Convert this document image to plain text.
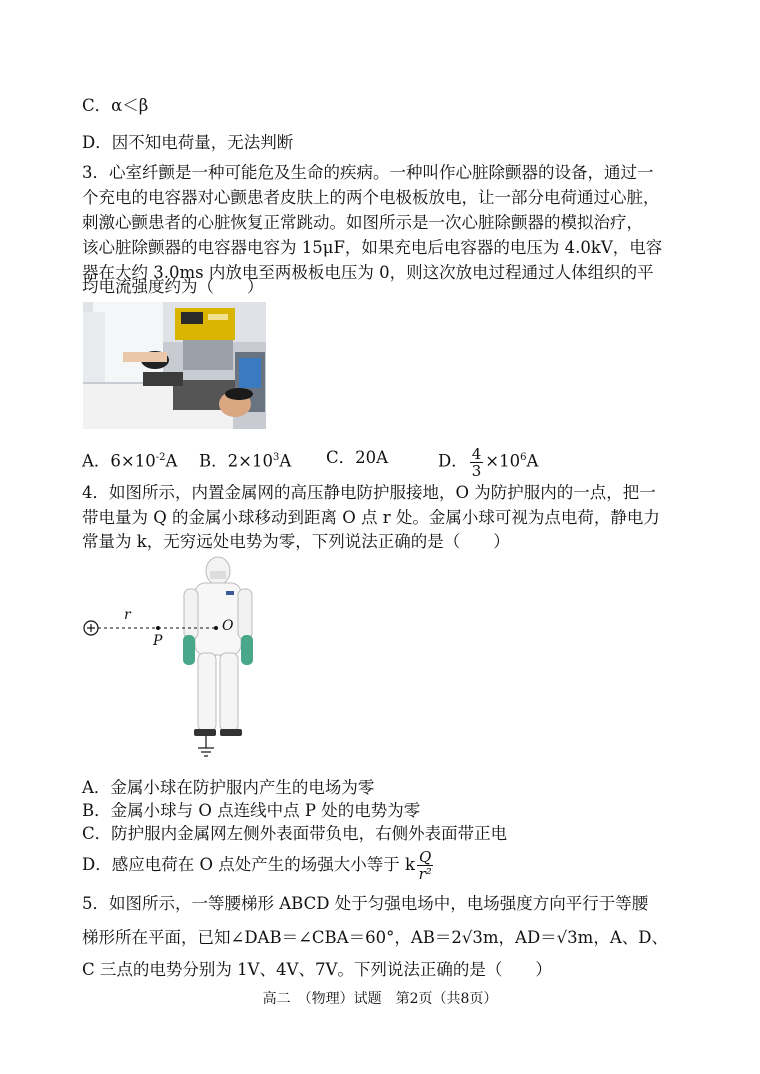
C．α＜β
D．因不知电荷量，无法判断
3．心室纤颤是一种可能危及生命的疾病。一种叫作心脏除颤器的设备，通过一
个充电的电容器对心颤患者皮肤上的两个电极板放电，让一部分电荷通过心脏，
刺激心颤患者的心脏恢复正常跳动。如图所示是一次心脏除颤器的模拟治疗，
该心脏除颤器的电容器电容为 15μF，如果充电后电容器的电压为 4.0kV，电容
器在大约 3.0ms 内放电至两极板电压为 0，则这次放电过程通过人体组织的平
均电流强度约为（　　）
A．$6\times 10^{-2}A$ B．$2\times 10^3A$ C．20A	D． $\frac{4}{3} \times 10^6A$
4．如图所示，内置金属网的高压静电防护服接地，O 为防护服内的一点，把一
带电量为 Q 的金属小球移动到距离 O 点 r 处。金属小球可视为点电荷，静电力
常量为 k，无穷远处电势为零，下列说法正确的是（　　）
r
P
O
A．金属小球在防护服内产生的电场为零
B．金属小球与 O 点连线中点 P 处的电势为零
C．防护服内金属网左侧外表面带负电，右侧外表面带正电
D．感应电荷在 O 点处产生的场强大小等于 k $\frac{Q}{\text{r²}}$
5．如图所示，一等腰梯形 ABCD 处于匀强电场中，电场强度方向平行于等腰
梯形所在平面，已知∠DAB＝∠CBA＝60°，AB＝2√3m，AD＝√3m，A、D、
C 三点的电势分别为 1V、4V、7V。下列说法正确的是（　　）
高二　（物理）试题　第2页（共8页）
